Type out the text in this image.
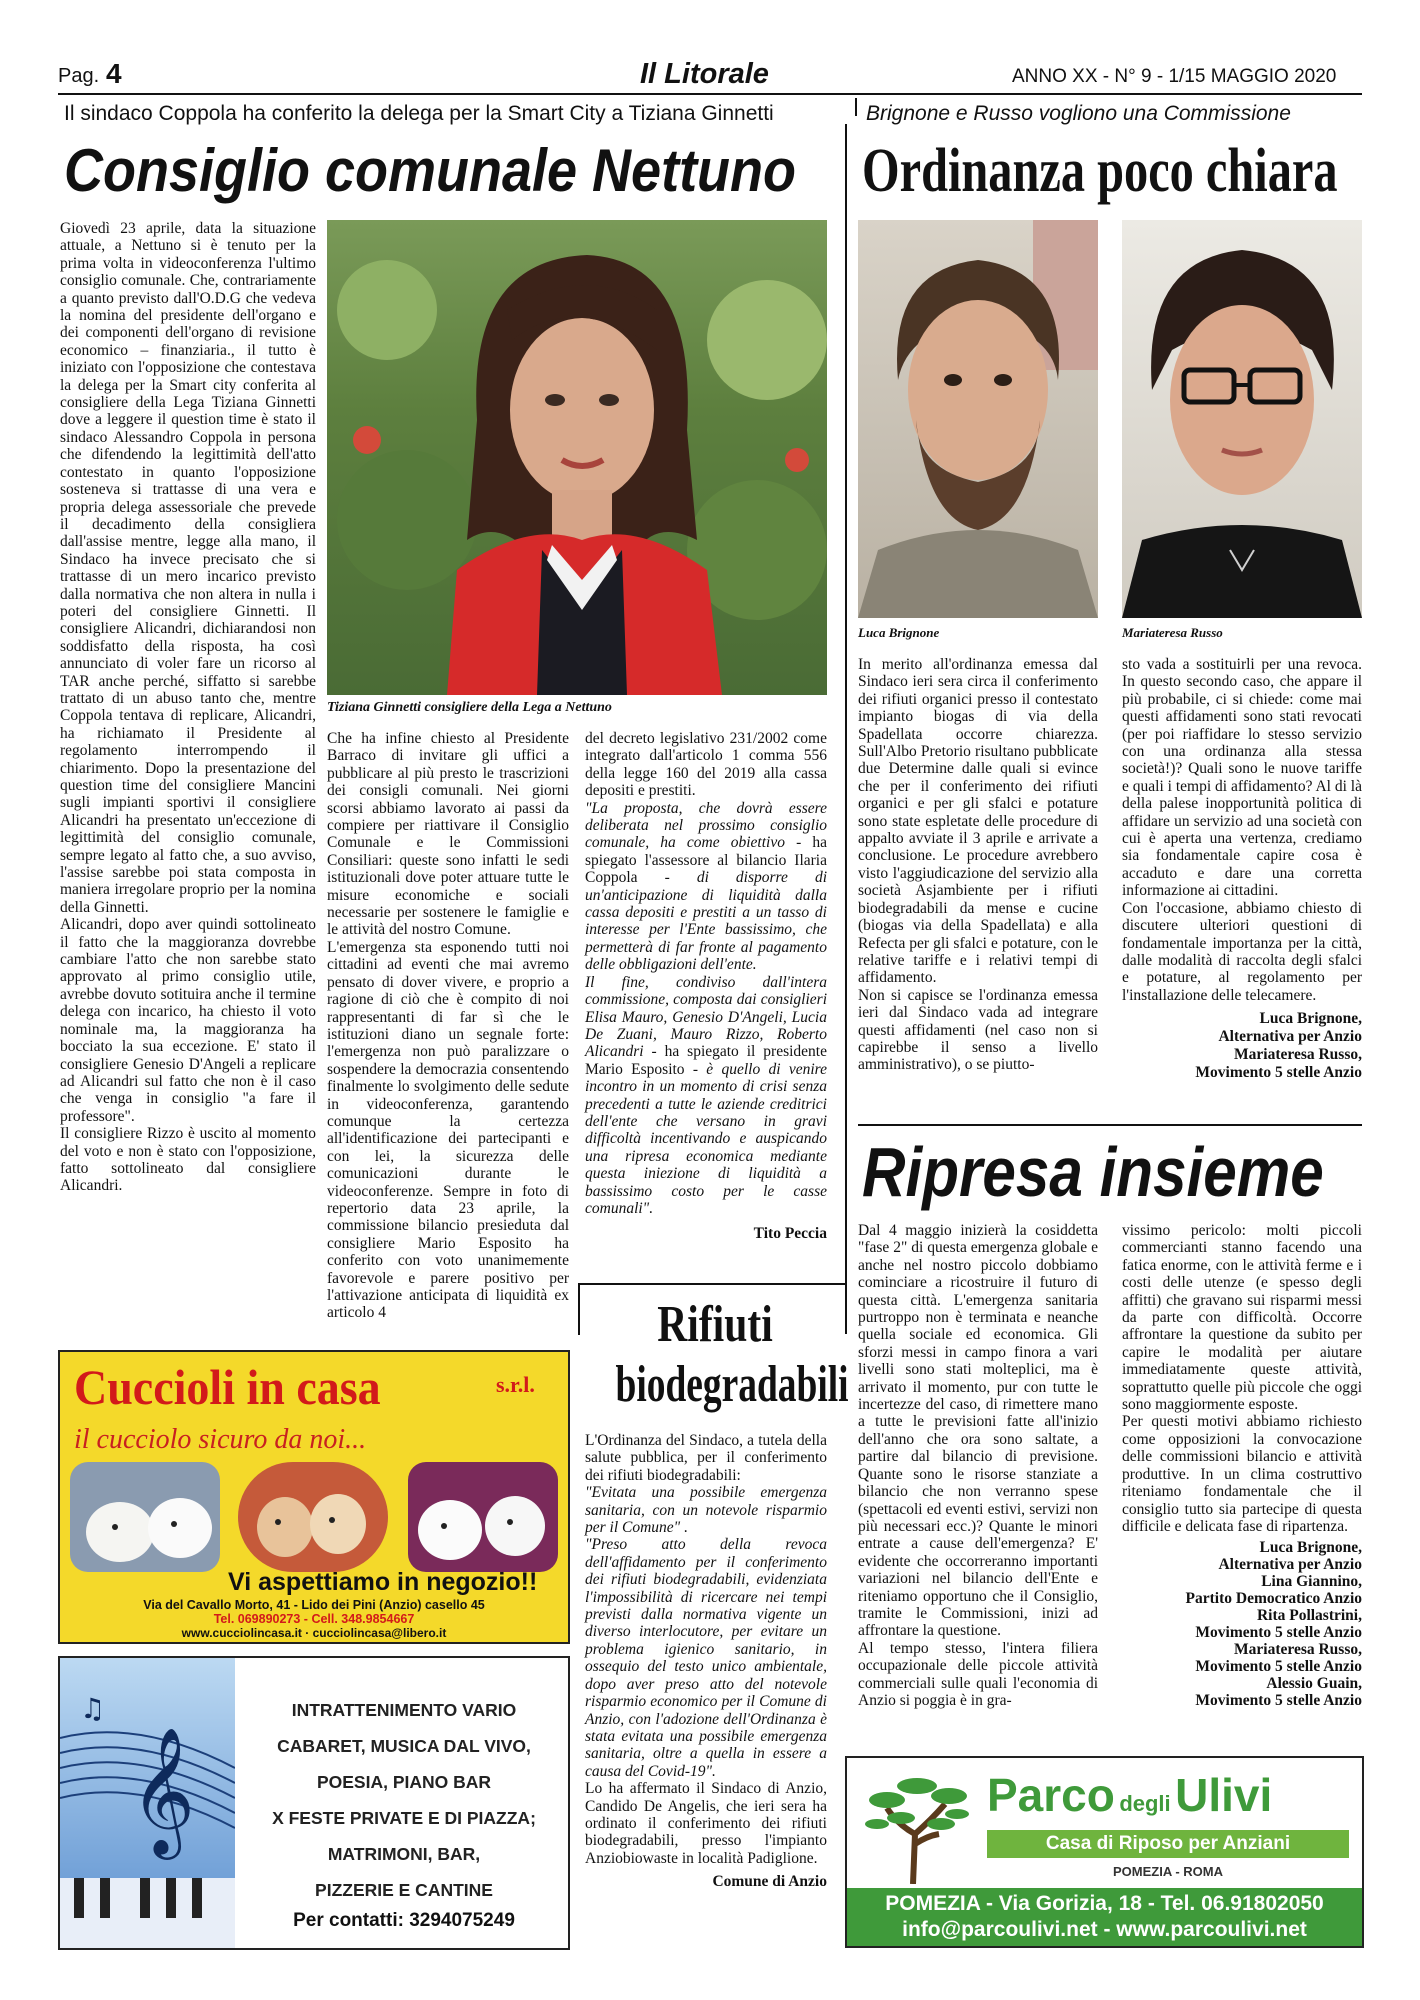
Pag. 4	Il Litorale	ANNO XX - N° 9 - 1/15 MAGGIO 2020
Il sindaco Coppola ha conferito la delega per la Smart City a Tiziana Ginnetti
Consiglio comunale Nettuno
Tiziana Ginnetti consigliere della Lega a Nettuno

Giovedì 23 aprile, data la situazione attuale, a Nettuno si è tenuto per la prima volta in videoconferenza l'ultimo consiglio comunale. Che, contrariamente a quanto previsto dall'O.D.G che vedeva la nomina del presidente dell'organo e dei componenti dell'organo di revisione economico – finanziaria., il tutto è iniziato con l'opposizione che contestava la delega per la Smart city conferita al consigliere della Lega Tiziana Ginnetti dove a leggere il question time è stato il sindaco Alessandro Coppola in persona che difendendo la legittimità dell'atto contestato in quanto l'opposizione sosteneva si trattasse di una vera e propria delega assessoriale che prevede il decadimento della consigliera dall'assise mentre, legge alla mano, il Sindaco ha invece precisato che si trattasse di un mero incarico previsto dalla normativa che non altera in nulla i poteri del consigliere Ginnetti. Il consigliere Alicandri, dichiarandosi non soddisfatto della risposta, ha così annunciato di voler fare un ricorso al TAR anche perché, siffatto si sarebbe trattato di un abuso tanto che, mentre Coppola tentava di replicare, Alicandri, ha richiamato il Presidente al regolamento interrompendo il chiarimento. Dopo la presentazione del question time del consigliere Mancini sugli impianti sportivi il consigliere Alicandri ha presentato un'eccezione di legittimità del consiglio comunale, sempre legato al fatto che, a suo avviso, l'assise sarebbe poi stata composta in maniera irregolare proprio per la nomina della Ginnetti.

Alicandri, dopo aver quindi sottolineato il fatto che la maggioranza dovrebbe cambiare l'atto che non sarebbe stato approvato al primo consiglio utile, avrebbe dovuto sotituira anche il termine delega con incarico, ha chiesto il voto nominale ma, la maggioranza ha bocciato la sua eccezione. E' stato il consigliere Genesio D'Angeli a replicare ad Alicandri sul fatto che non è il caso che venga in consiglio "a fare il professore".

Il consigliere Rizzo è uscito al momento del voto e non è stato con l'opposizione, fatto sottolineato dal consigliere Alicandri.

Che ha infine chiesto al Presidente Barraco di invitare gli uffici a pubblicare al più presto le trascrizioni dei consigli comunali. Nei giorni scorsi abbiamo lavorato ai passi da compiere per riattivare il Consiglio Comunale e le Commissioni Consiliari: queste sono infatti le sedi istituzionali dove poter attuare tutte le misure economiche e sociali necessarie per sostenere le famiglie e le attività del nostro Comune.

L'emergenza sta esponendo tutti noi cittadini ad eventi che mai avremo pensato di dover vivere, e proprio a ragione di ciò che è compito di noi rappresentanti di far sì che le istituzioni diano un segnale forte: l'emergenza non può paralizzare o sospendere la democrazia consentendo finalmente lo svolgimento delle sedute in videoconferenza, garantendo comunque la certezza all'identificazione dei partecipanti e con lei, la sicurezza delle comunicazioni durante le videoconferenze. Sempre in foto di repertorio data 23 aprile, la commissione bilancio presieduta dal consigliere Mario Esposito ha conferito con voto unanimemente favorevole e parere positivo per l'attivazione anticipata di liquidità ex articolo 4

del decreto legislativo 231/2002 come integrato dall'articolo 1 comma 556 della legge 160 del 2019 alla cassa depositi e prestiti.

"La proposta, che dovrà essere deliberata nel prossimo consiglio comunale, ha come obiettivo - ha spiegato l'assessore al bilancio Ilaria Coppola - di disporre di un'anticipazione di liquidità dalla cassa depositi e prestiti a un tasso di interesse per l'Ente bassissimo, che permetterà di far fronte al pagamento delle obbligazioni dell'ente.

Il fine, condiviso dall'intera commissione, composta dai consiglieri Elisa Mauro, Genesio D'Angeli, Lucia De Zuani, Mauro Rizzo, Roberto Alicandri - ha spiegato il presidente Mario Esposito - è quello di venire incontro in un momento di crisi senza precedenti a tutte le aziende creditrici dell'ente che versano in gravi difficoltà incentivando e auspicando una ripresa economica mediante questa iniezione di liquidità a bassissimo costo per le casse comunali".

Tito Peccia
Brignone e Russo vogliono una Commissione
Ordinanza poco chiara
Luca Brignone	Mariateresa Russo

In merito all'ordinanza emessa dal Sindaco ieri sera circa il conferimento dei rifiuti organici presso il contestato impianto biogas di via della Spadellata occorre chiarezza. Sull'Albo Pretorio risultano pubblicate due Determine dalle quali si evince che per il conferimento dei rifiuti organici e per gli sfalci e potature sono state espletate delle procedure di appalto avviate il 3 aprile e arrivate a conclusione. Le procedure avrebbero visto l'aggiudicazione del servizio alla società Asjambiente per i rifiuti biodegradabili da mense e cucine (biogas via della Spadellata) e alla Refecta per gli sfalci e potature, con le relative tariffe e i relativi tempi di affidamento.

Non si capisce se l'ordinanza emessa ieri dal Sindaco vada ad integrare questi affidamenti (nel caso non si capirebbe il senso a livello amministrativo), o se piutto-

sto vada a sostituirli per una revoca. In questo secondo caso, che appare il più probabile, ci si chiede: come mai questi affidamenti sono stati revocati (per poi riaffidare lo stesso servizio con una ordinanza alla stessa società!)? Quali sono le nuove tariffe e quali i tempi di affidamento? Al di là della palese inopportunità politica di affidare un servizio ad una società con cui è aperta una vertenza, crediamo sia fondamentale capire cosa è accaduto e dare una corretta informazione ai cittadini.

Con l'occasione, abbiamo chiesto di discutere ulteriori questioni di fondamentale importanza per la città, dalle modalità di raccolta degli sfalci e potature, al regolamento per l'installazione delle telecamere.

Luca Brignone,
Alternativa per Anzio
Mariateresa Russo,
Movimento 5 stelle Anzio
Ripresa insieme

Dal 4 maggio inizierà la cosiddetta "fase 2" di questa emergenza globale e anche nel nostro piccolo dobbiamo cominciare a ricostruire il futuro di questa città. L'emergenza sanitaria purtroppo non è terminata e neanche quella sociale ed economica. Gli sforzi messi in campo finora a vari livelli sono stati molteplici, ma è arrivato il momento, pur con tutte le incertezze del caso, di rimettere mano a tutte le previsioni fatte all'inizio dell'anno che ora sono saltate, a partire dal bilancio di previsione. Quante sono le risorse stanziate a bilancio che non verranno spese (spettacoli ed eventi estivi, servizi non più necessari ecc.)? Quante le minori entrate a cause dell'emergenza? E' evidente che occorreranno importanti variazioni nel bilancio dell'Ente e riteniamo opportuno che il Consiglio, tramite le Commissioni, inizi ad affrontare la questione.

Al tempo stesso, l'intera filiera occupazionale delle piccole attività commerciali sulle quali l'economia di Anzio si poggia è in gra-

vissimo pericolo: molti piccoli commercianti stanno facendo una fatica enorme, con le attività ferme e i costi delle utenze (e spesso degli affitti) che gravano sui risparmi messi da parte con difficoltà. Occorre affrontare la questione da subito per capire le modalità per aiutare immediatamente queste attività, soprattutto quelle più piccole che oggi sono maggiormente esposte.

Per questi motivi abbiamo richiesto come opposizioni la convocazione delle commissioni bilancio e attività produttive. In un clima costruttivo riteniamo fondamentale che il consiglio tutto sia partecipe di questa difficile e delicata fase di ripartenza.

Luca Brignone,
Alternativa per Anzio
Lina Giannino,
Partito Democratico Anzio
Rita Pollastrini,
Movimento 5 stelle Anzio
Mariateresa Russo,
Movimento 5 stelle Anzio
Alessio Guain,
Movimento 5 stelle Anzio
Rifiuti
biodegradabili

L'Ordinanza del Sindaco, a tutela della salute pubblica, per il conferimento dei rifiuti biodegradabili:

"Evitata una possibile emergenza sanitaria, con un notevole risparmio per il Comune" .

"Preso atto della revoca dell'affidamento per il conferimento dei rifiuti biodegradabili, evidenziata l'impossibilità di ricercare nei tempi previsti dalla normativa vigente un diverso interlocutore, per evitare un problema igienico sanitario, in ossequio del testo unico ambientale, dopo aver preso atto del notevole risparmio economico per il Comune di Anzio, con l'adozione dell'Ordinanza è stata evitata una possibile emergenza sanitaria, oltre a quella in essere a causa del Covid-19".

Lo ha affermato il Sindaco di Anzio, Candido De Angelis, che ieri sera ha ordinato il conferimento dei rifiuti biodegradabili, presso l'impianto Anziobiowaste in località Padiglione.

Comune di Anzio
Cuccioli in casa	s.r.l.
il cucciolo sicuro da noi...
Vi aspettiamo in negozio!!
Via del Cavallo Morto, 41 - Lido dei Pini (Anzio) casello 45
Tel. 069890273 - Cell. 348.9854667
www.cucciolincasa.it · cucciolincasa@libero.it
𝄞
♫	INTRATTENIMENTO VARIO
CABARET, MUSICA DAL VIVO,
POESIA, PIANO BAR
X FESTE PRIVATE E DI PIAZZA;
MATRIMONI, BAR,
PIZZERIE E CANTINE
Per contatti: 3294075249
Parco degli Ulivi
Casa di Riposo per Anziani
POMEZIA - ROMA
POMEZIA - Via Gorizia, 18 - Tel. 06.91802050
info@parcoulivi.net - www.parcoulivi.net
